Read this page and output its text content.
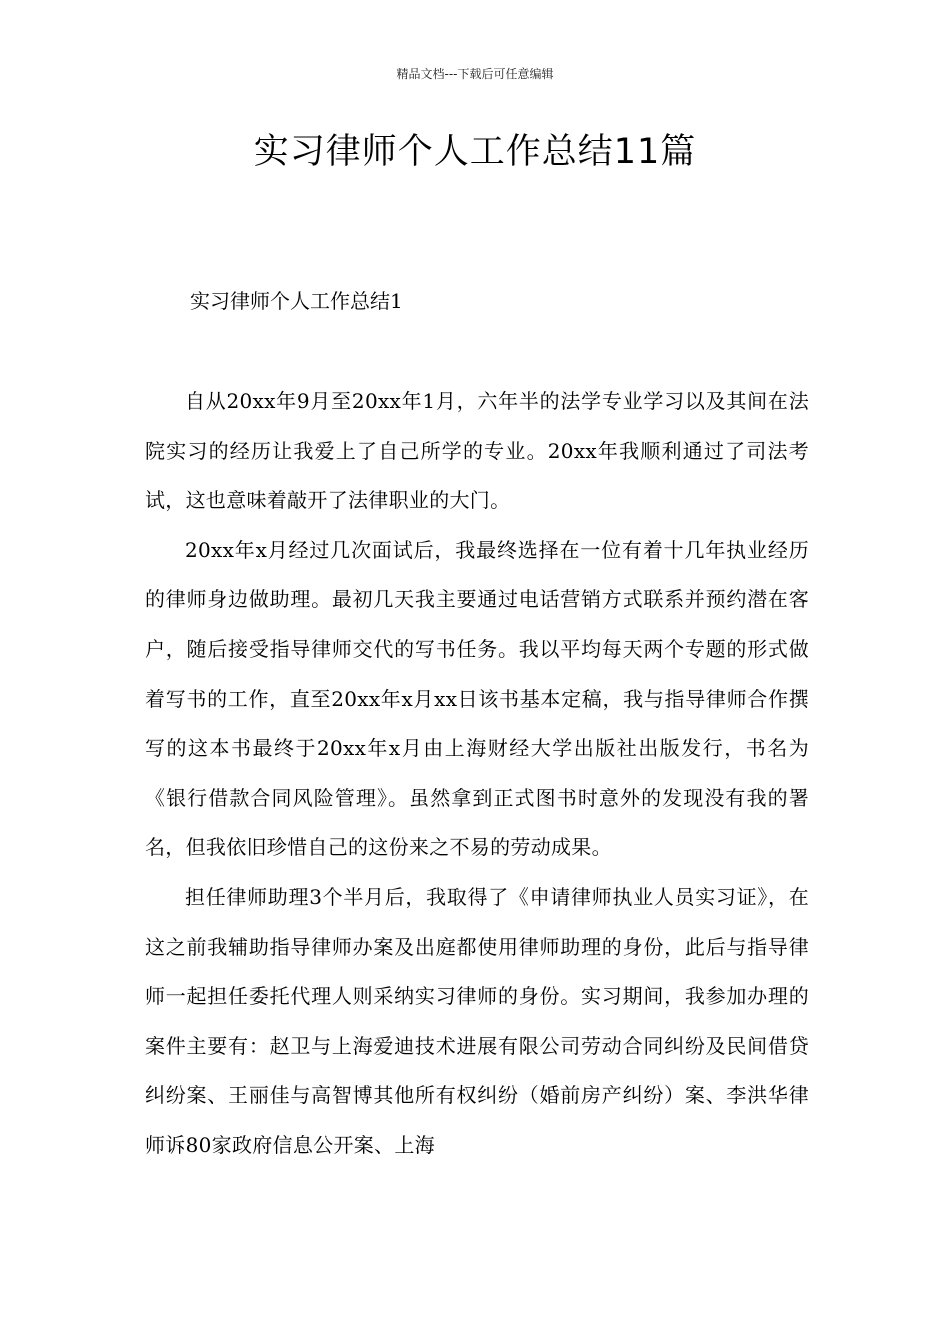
精品文档---下载后可任意编辑
实习律师个人工作总结11篇
实习律师个人工作总结1

自从20xx年9月至20xx年1月，六年半的法学专业学习以及其间在法院实习的经历让我爱上了自己所学的专业。20xx年我顺利通过了司法考试，这也意味着敲开了法律职业的大门。

20xx年x月经过几次面试后，我最终选择在一位有着十几年执业经历的律师身边做助理。最初几天我主要通过电话营销方式联系并预约潜在客户，随后接受指导律师交代的写书任务。我以平均每天两个专题的形式做着写书的工作，直至20xx年x月xx日该书基本定稿，我与指导律师合作撰写的这本书最终于20xx年x月由上海财经大学出版社出版发行，书名为《银行借款合同风险管理》。虽然拿到正式图书时意外的发现没有我的署名，但我依旧珍惜自己的这份来之不易的劳动成果。

担任律师助理3个半月后，我取得了《申请律师执业人员实习证》，在这之前我辅助指导律师办案及出庭都使用律师助理的身份，此后与指导律师一起担任委托代理人则采纳实习律师的身份。实习期间，我参加办理的案件主要有：赵卫与上海爱迪技术进展有限公司劳动合同纠纷及民间借贷纠纷案、王丽佳与高智博其他所有权纠纷（婚前房产纠纷）案、李洪华律师诉80家政府信息公开案、上海
